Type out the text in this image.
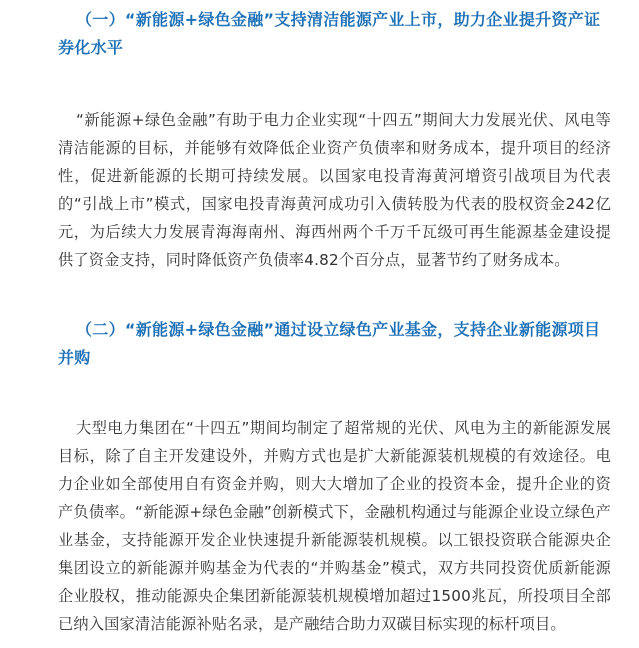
（一）“新能源+绿色金融”支持清洁能源产业上市，助力企业提升资产证券化水平

“新能源+绿色金融”有助于电力企业实现“十四五”期间大力发展光伏、风电等清洁能源的目标，并能够有效降低企业资产负债率和财务成本，提升项目的经济性，促进新能源的长期可持续发展。以国家电投青海黄河增资引战项目为代表的“引战上市”模式，国家电投青海黄河成功引入债转股为代表的股权资金242亿元，为后续大力发展青海海南州、海西州两个千万千瓦级可再生能源基金建设提供了资金支持，同时降低资产负债率4.82个百分点，显著节约了财务成本。

（二）“新能源+绿色金融”通过设立绿色产业基金，支持企业新能源项目并购

大型电力集团在“十四五”期间均制定了超常规的光伏、风电为主的新能源发展目标，除了自主开发建设外，并购方式也是扩大新能源装机规模的有效途径。电力企业如全部使用自有资金并购，则大大增加了企业的投资本金，提升企业的资产负债率。“新能源+绿色金融”创新模式下，金融机构通过与能源企业设立绿色产业基金，支持能源开发企业快速提升新能源装机规模。以工银投资联合能源央企集团设立的新能源并购基金为代表的“并购基金”模式，双方共同投资优质新能源企业股权，推动能源央企集团新能源装机规模增加超过1500兆瓦，所投项目全部已纳入国家清洁能源补贴名录，是产融结合助力双碳目标实现的标杆项目。
